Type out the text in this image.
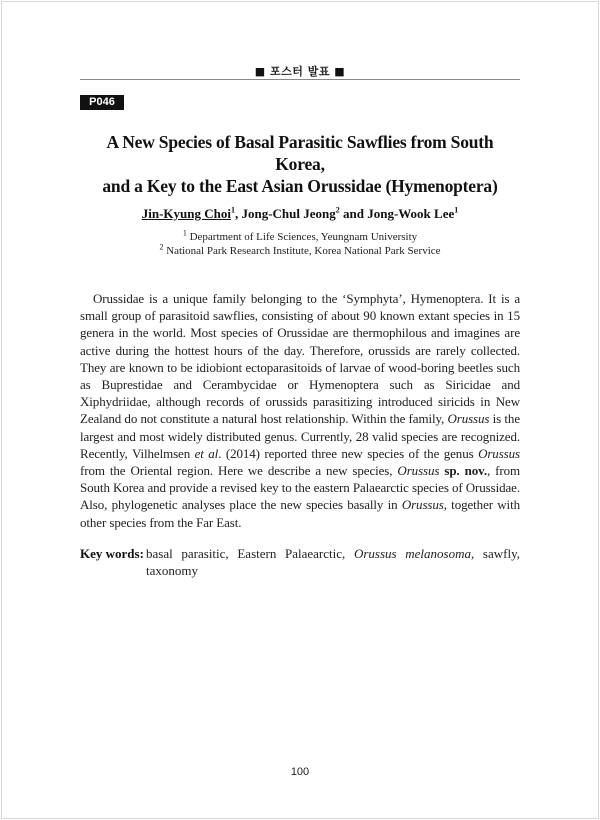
■ 포스터 발표 ■
P046
A New Species of Basal Parasitic Sawflies from South Korea,
and a Key to the East Asian Orussidae (Hymenoptera)
Jin-Kyung Choi$^1$, Jong-Chul Jeong$^2$ and Jong-Wook Lee$^1$
$^1$ Department of Life Sciences, Yeungnam University
$^2$ National Park Research Institute, Korea National Park Service

Orussidae is a unique family belonging to the ‘Symphyta’, Hymenoptera. It is a small group of parasitoid sawflies, consisting of about 90 known extant species in 15 genera in the world. Most species of Orussidae are thermophilous and imagines are active during the hottest hours of the day. Therefore, orussids are rarely collected. They are known to be idiobiont ectoparasitoids of larvae of wood-boring beetles such as Buprestidae and Cerambycidae or Hymenoptera such as Siricidae and Xiphydriidae, although records of orussids parasitizing introduced siricids in New Zealand do not constitute a natural host relationship. Within the family, Orussus is the largest and most widely distributed genus. Currently, 28 valid species are recognized. Recently, Vilhelmsen et al. (2014) reported three new species of the genus Orussus from the Oriental region. Here we describe a new species, Orussus sp. nov., from South Korea and provide a revised key to the eastern Palaearctic species of Orussidae. Also, phylogenetic analyses place the new species basally in Orussus, together with other species from the Far East.

Key words: basal parasitic, Eastern Palaearctic, Orussus melanosoma, sawfly, taxonomy
100
